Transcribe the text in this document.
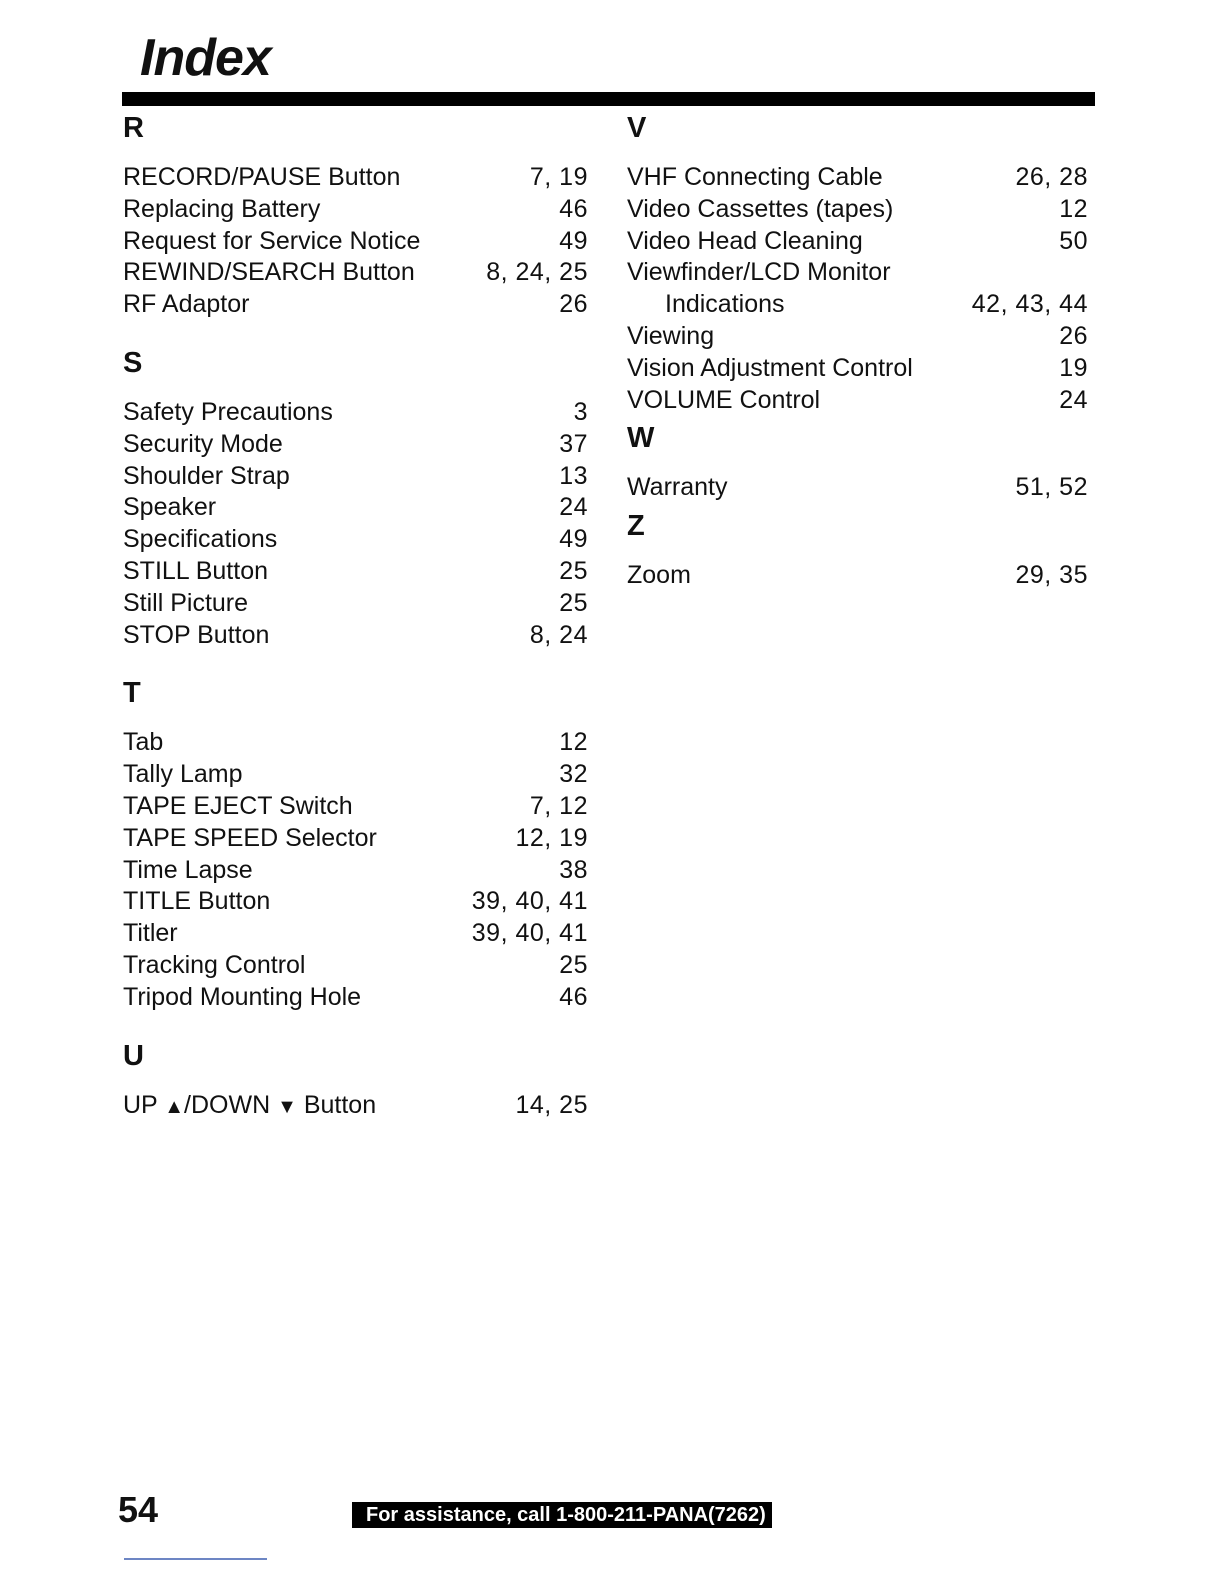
Index
R
RECORD/PAUSE Button	7, 19
Replacing Battery	46
Request for Service Notice	49
REWIND/SEARCH Button	8, 24, 25
RF Adaptor	26
S
Safety Precautions	3
Security Mode	37
Shoulder Strap	13
Speaker	24
Specifications	49
STILL Button	25
Still Picture	25
STOP Button	8, 24
T
Tab	12
Tally Lamp	32
TAPE EJECT Switch	7, 12
TAPE SPEED Selector	12, 19
Time Lapse	38
TITLE Button	39, 40, 41
Titler	39, 40, 41
Tracking Control	25
Tripod Mounting Hole	46
U
UP ▲/DOWN ▼ Button	14, 25
V
VHF Connecting Cable	26, 28
Video Cassettes (tapes)	12
Video Head Cleaning	50
Viewfinder/LCD Monitor
Indications	42, 43, 44
Viewing	26
Vision Adjustment Control	19
VOLUME Control	24
W
Warranty	51, 52
Z
Zoom	29, 35
54	For assistance, call 1-800-211-PANA(7262)
